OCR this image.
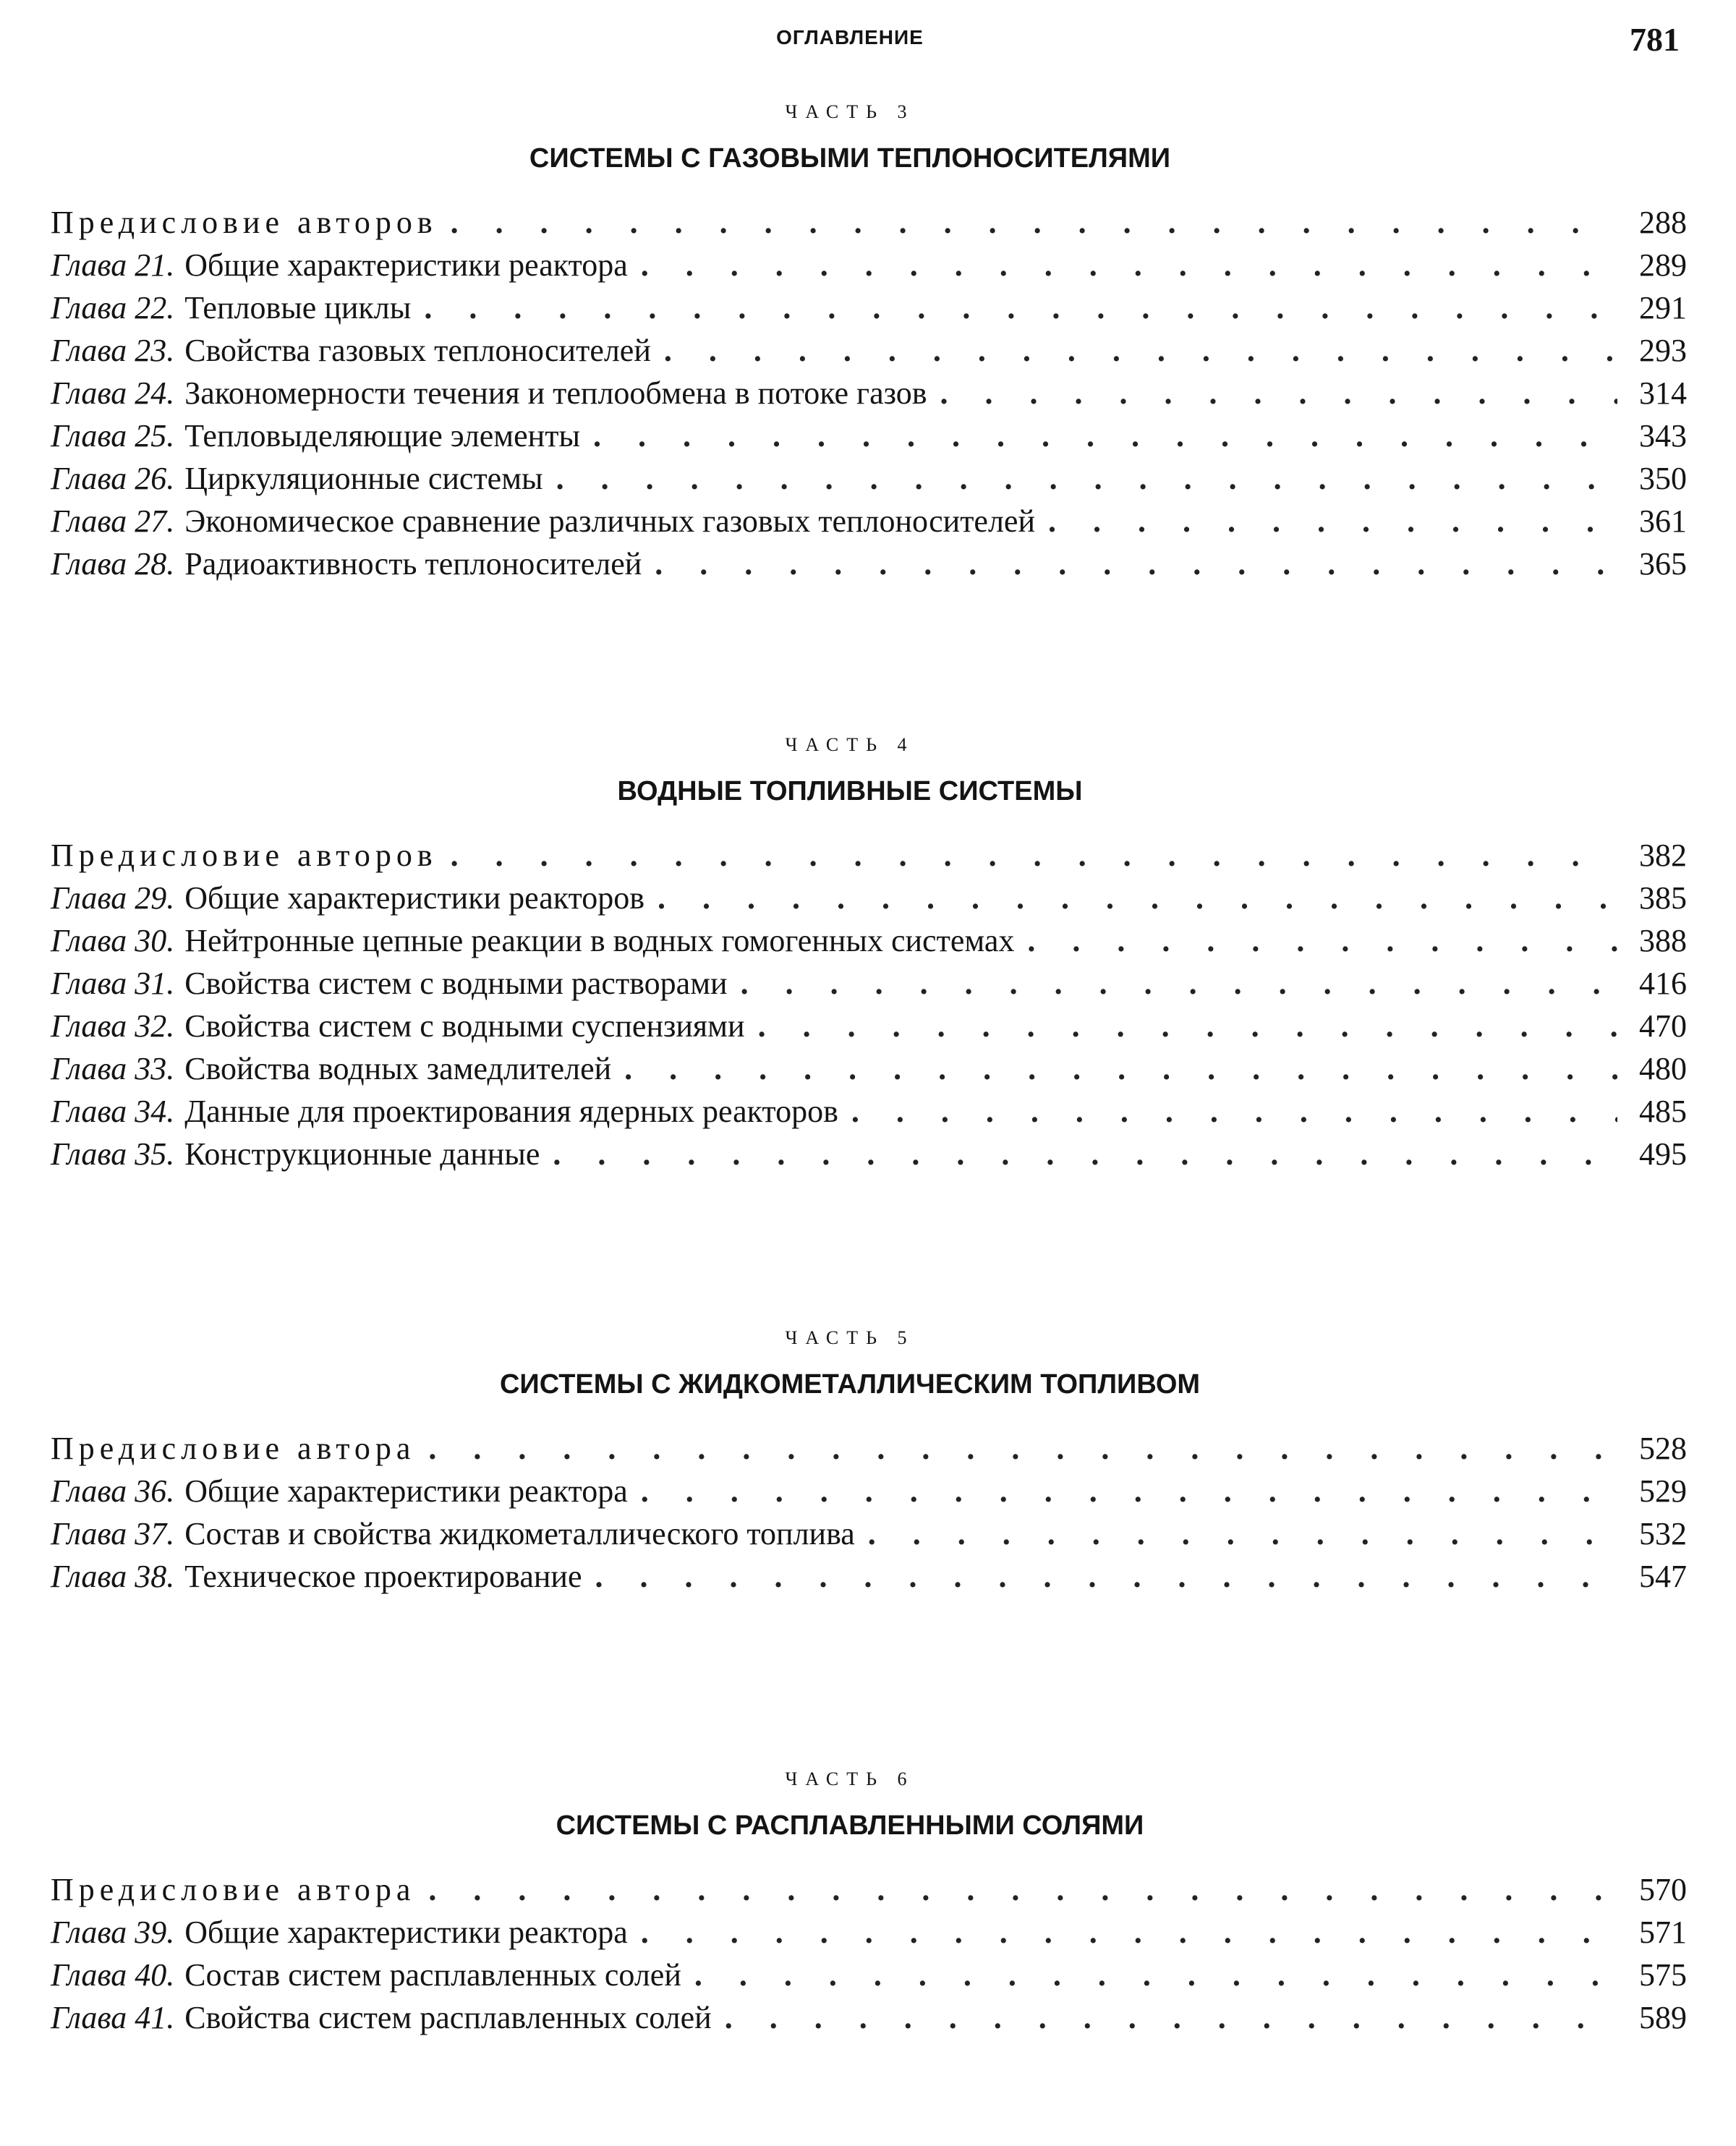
ОГЛАВЛЕНИЕ	781
ЧАСТЬ 3
СИСТЕМЫ С ГАЗОВЫМИ ТЕПЛОНОСИТЕЛЯМИ
Предисловие авторов . . .	288
Глава 21. Общие характеристики реактора . . .	289
Глава 22. Тепловые циклы . . .	291
Глава 23. Свойства газовых теплоносителей . . .	293
Глава 24. Закономерности течения и теплообмена в потоке газов . . .	314
Глава 25. Тепловыделяющие элементы . . .	343
Глава 26. Циркуляционные системы . . .	350
Глава 27. Экономическое сравнение различных газовых теплоносителей . . .	361
Глава 28. Радиоактивность теплоносителей . . .	365
ЧАСТЬ 4
ВОДНЫЕ ТОПЛИВНЫЕ СИСТЕМЫ
Предисловие авторов . . .	382
Глава 29. Общие характеристики реакторов . . .	385
Глава 30. Нейтронные цепные реакции в водных гомогенных системах . . .	388
Глава 31. Свойства систем с водными растворами . . .	416
Глава 32. Свойства систем с водными суспензиями . . .	470
Глава 33. Свойства водных замедлителей . . .	480
Глава 34. Данные для проектирования ядерных реакторов . . .	485
Глава 35. Конструкционные данные . . .	495
ЧАСТЬ 5
СИСТЕМЫ С ЖИДКОМЕТАЛЛИЧЕСКИМ ТОПЛИВОМ
Предисловие автора . . .	528
Глава 36. Общие характеристики реактора . . .	529
Глава 37. Состав и свойства жидкометаллического топлива . . .	532
Глава 38. Техническое проектирование . . .	547
ЧАСТЬ 6
СИСТЕМЫ С РАСПЛАВЛЕННЫМИ СОЛЯМИ
Предисловие автора . . .	570
Глава 39. Общие характеристики реактора . . .	571
Глава 40. Состав систем расплавленных солей . . .	575
Глава 41. Свойства систем расплавленных солей . . .	589
